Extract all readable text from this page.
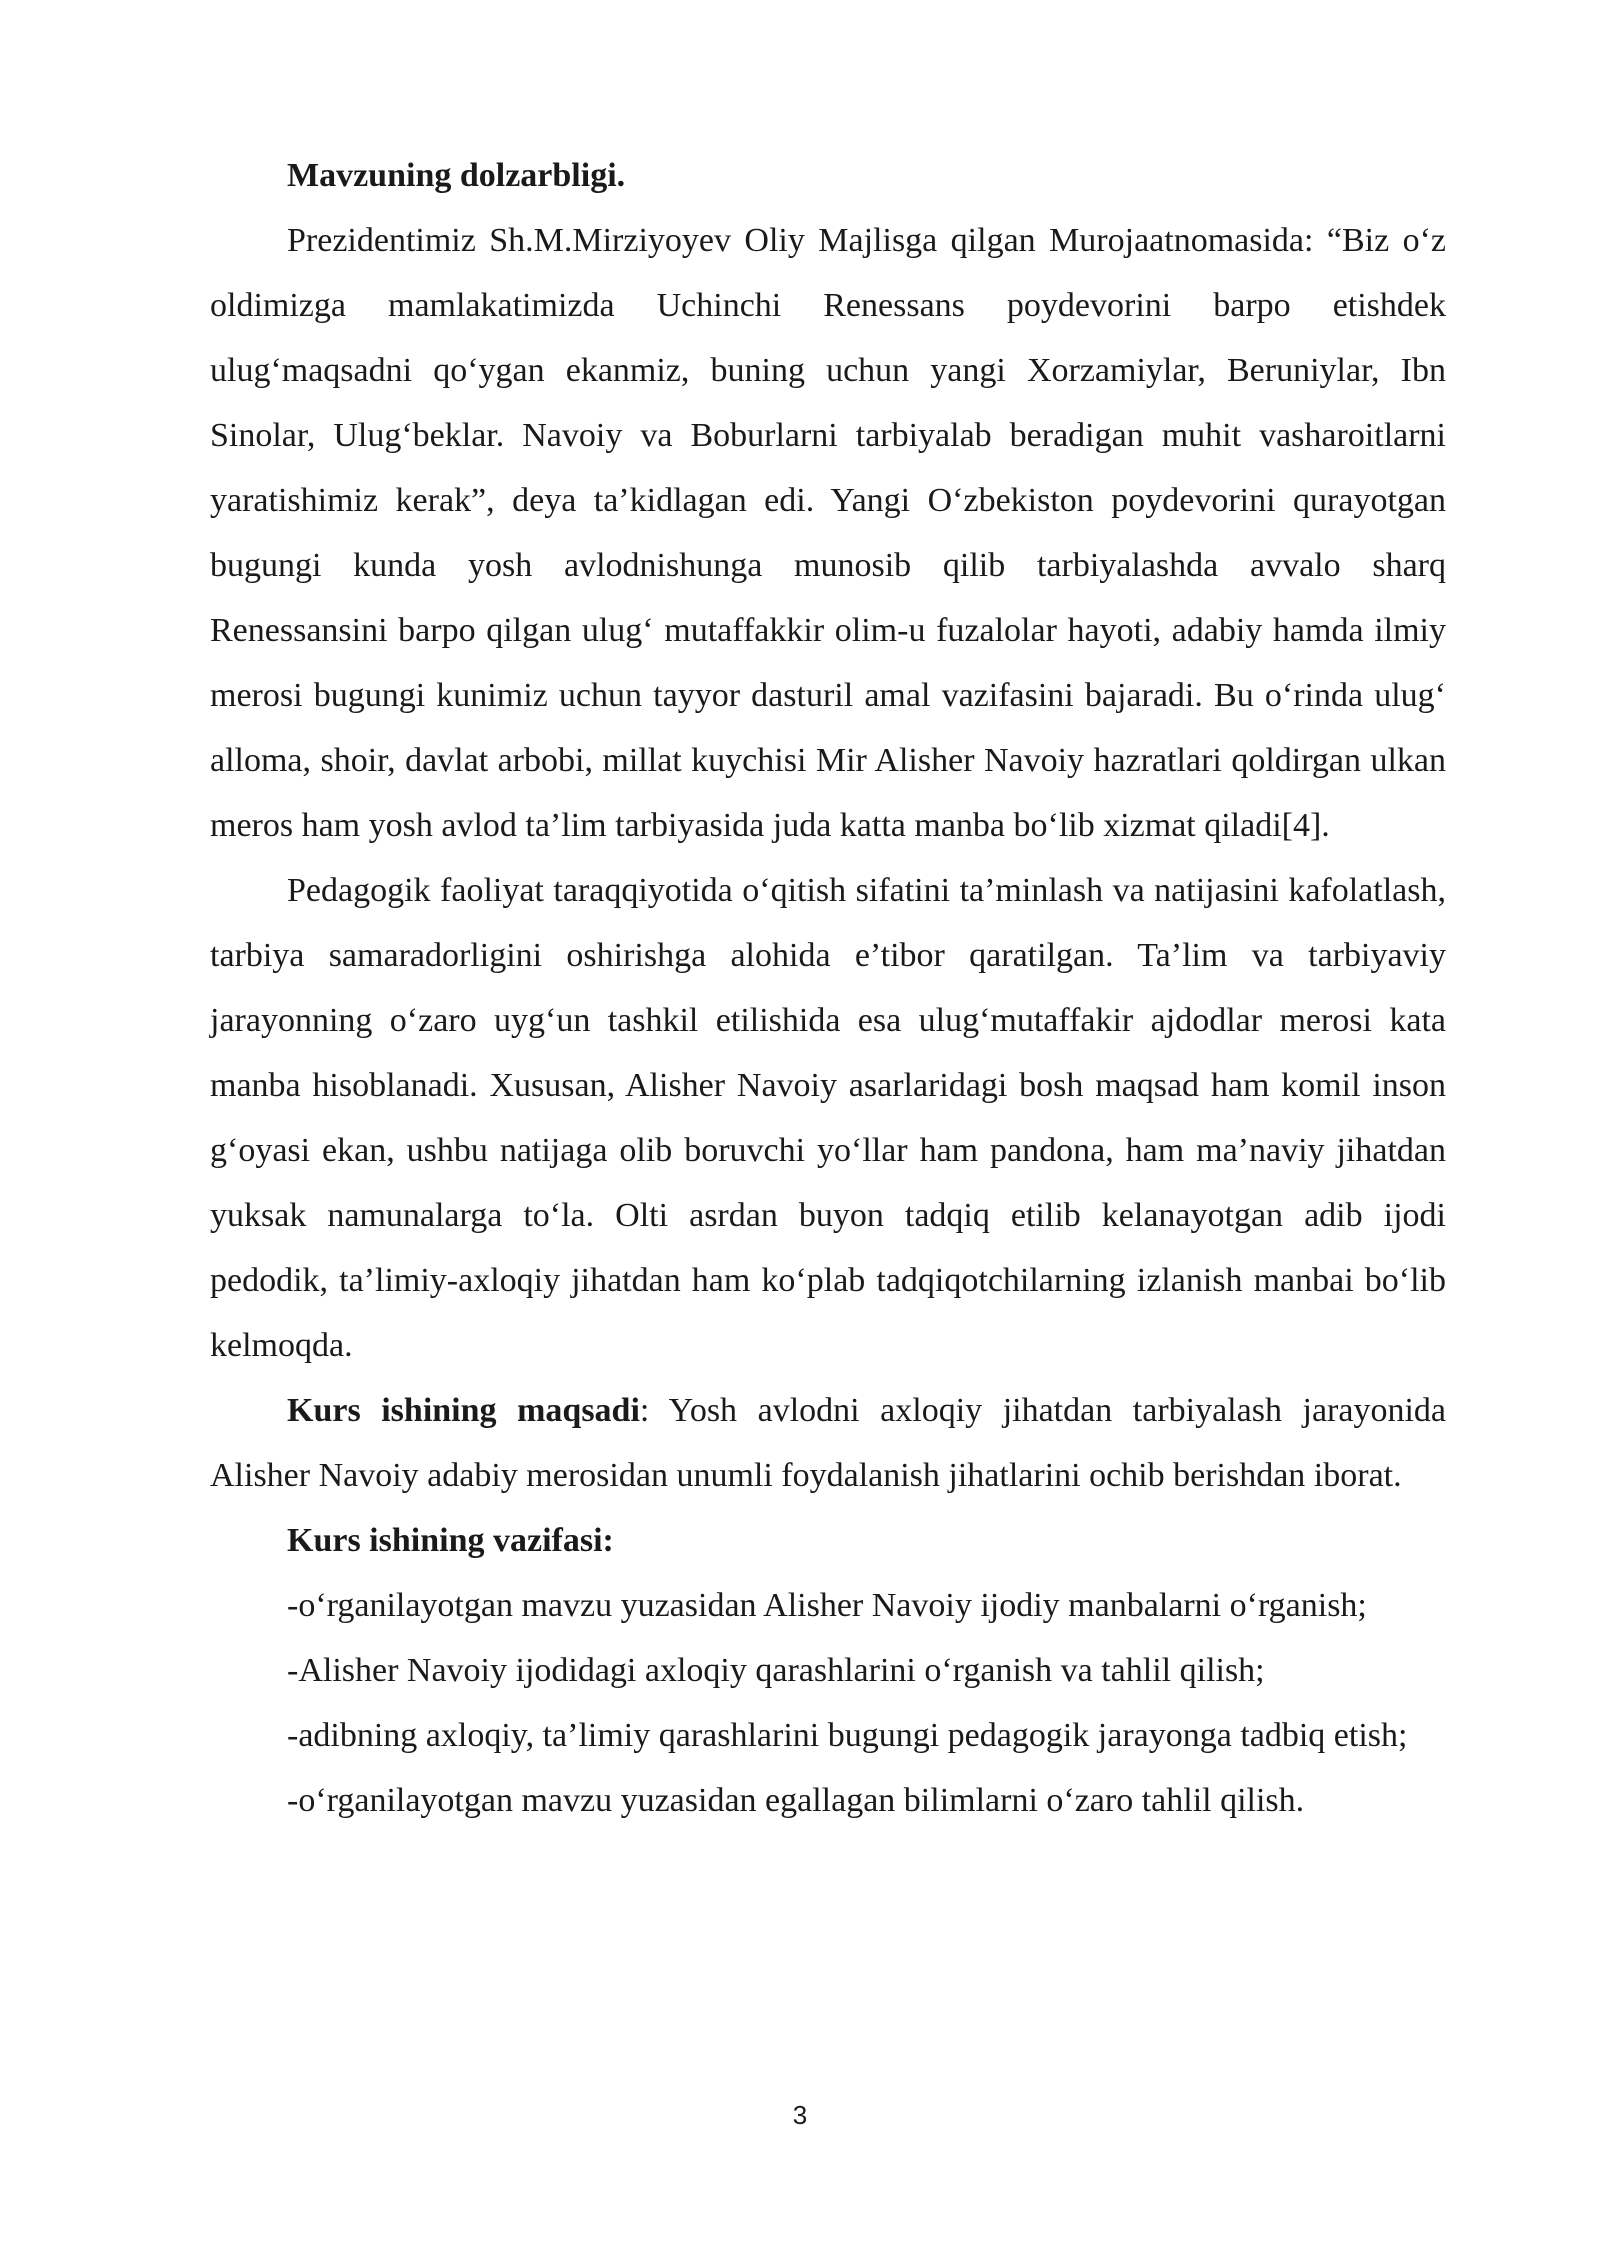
Mavzuning dolzarbligi.

Prezidentimiz Sh.M.Mirziyoyev Oliy Majlisga qilgan Murojaatnomasida: “Biz o‘z oldimizga mamlakatimizda Uchinchi Renessans poydevorini barpo etishdek ulug‘maqsadni qo‘ygan ekanmiz, buning uchun yangi Xorzamiylar, Beruniylar, Ibn Sinolar, Ulug‘beklar. Navoiy va Boburlarni tarbiyalab beradigan muhit vasharoitlarni yaratishimiz kerak”, deya ta’kidlagan edi. Yangi O‘zbekiston poydevorini qurayotgan bugungi kunda yosh avlodnishunga munosib qilib tarbiyalashda avvalo sharq Renessansini barpo qilgan ulug‘ mutaffakkir olim-u fuzalolar hayoti, adabiy hamda ilmiy merosi bugungi kunimiz uchun tayyor dasturil amal vazifasini bajaradi. Bu o‘rinda ulug‘ alloma, shoir, davlat arbobi, millat kuychisi Mir Alisher Navoiy hazratlari qoldirgan ulkan meros ham yosh avlod ta’lim tarbiyasida juda katta manba bo‘lib xizmat qiladi[4].

Pedagogik faoliyat taraqqiyotida o‘qitish sifatini ta’minlash va natijasini kafolatlash, tarbiya samaradorligini oshirishga alohida e’tibor qaratilgan. Ta’lim va tarbiyaviy jarayonning o‘zaro uyg‘un tashkil etilishida esa ulug‘mutaffakir ajdodlar merosi kata manba hisoblanadi. Xususan, Alisher Navoiy asarlaridagi bosh maqsad ham komil inson g‘oyasi ekan, ushbu natijaga olib boruvchi yo‘llar ham pandona, ham ma’naviy jihatdan yuksak namunalarga to‘la. Olti asrdan buyon tadqiq etilib kelanayotgan adib ijodi pedodik, ta’limiy-axloqiy jihatdan ham ko‘plab tadqiqotchilarning izlanish manbai bo‘lib kelmoqda.

Kurs ishining maqsadi: Yosh avlodni axloqiy jihatdan tarbiyalash jarayonida Alisher Navoiy adabiy merosidan unumli foydalanish jihatlarini ochib berishdan iborat.

Kurs ishining vazifasi:

-o‘rganilayotgan mavzu yuzasidan Alisher Navoiy ijodiy manbalarni o‘rganish;

-Alisher Navoiy ijodidagi axloqiy qarashlarini o‘rganish va tahlil qilish;

-adibning axloqiy, ta’limiy qarashlarini bugungi pedagogik jarayonga tadbiq etish;

-o‘rganilayotgan mavzu yuzasidan egallagan bilimlarni o‘zaro tahlil qilish.

3
